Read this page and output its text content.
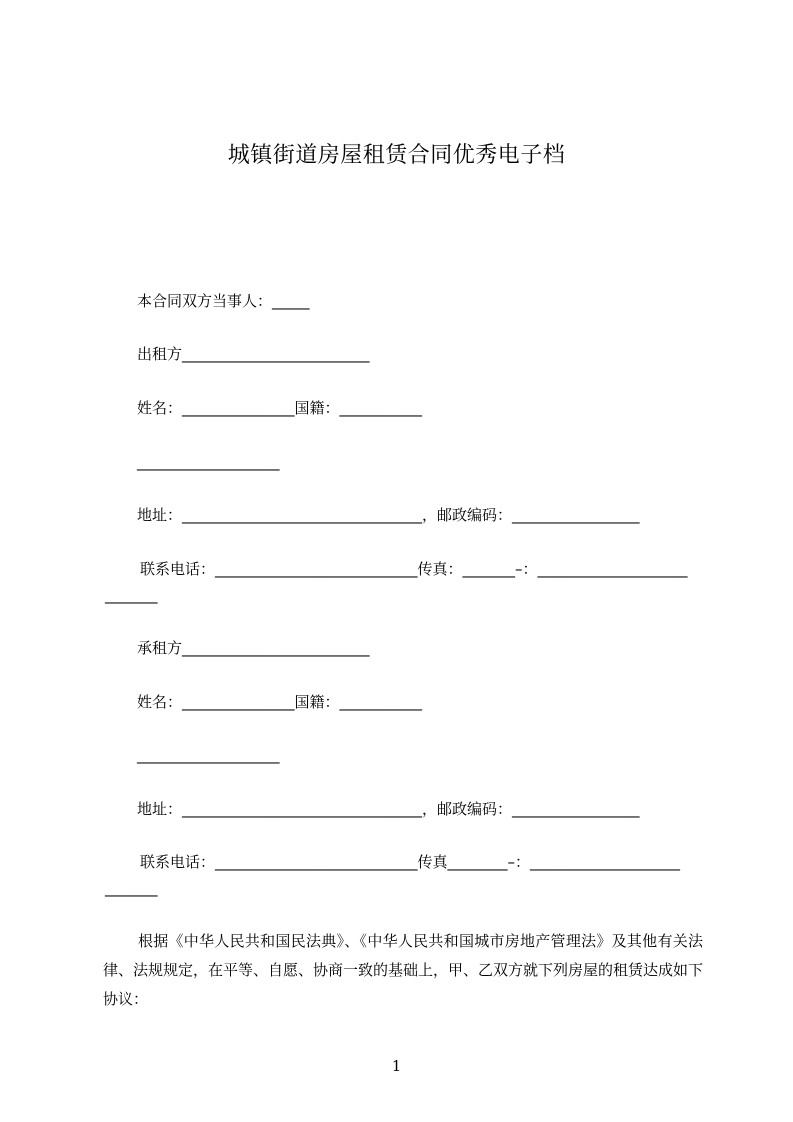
城镇街道房屋租赁合同优秀电子档
本合同双方当事人：_____
出租方_________________________
姓名：_______________国籍：___________
___________________
地址：________________________________，邮政编码：_________________
联系电话：___________________________传真：_______–：____________________
_______
承租方_________________________
姓名：_______________国籍：___________
___________________
地址：________________________________，邮政编码：_________________
联系电话：___________________________传真________–：____________________
_______
根据《中华人民共和国民法典》、《中华人民共和国城市房地产管理法》及其他有关法律、法规规定，在平等、自愿、协商一致的基础上，甲、乙双方就下列房屋的租赁达成如下协议：
1
